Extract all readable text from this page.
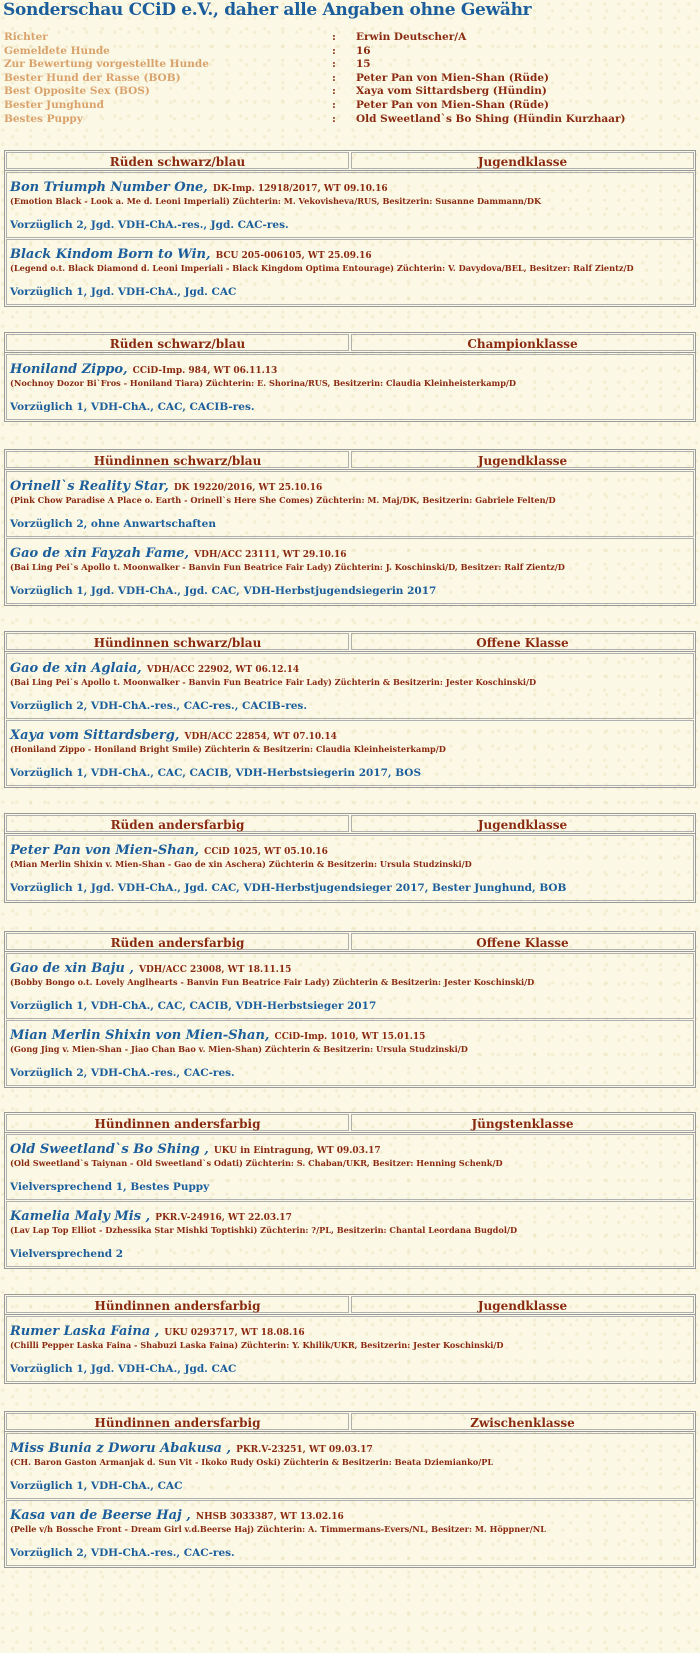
Sonderschau CCiD e.V., daher alle Angaben ohne Gewähr
Richter	:	Erwin Deutscher/A
Gemeldete Hunde	:	16
Zur Bewertung vorgestellte Hunde	:	15
Bester Hund der Rasse (BOB)	:	Peter Pan von Mien-Shan (Rüde)
Best Opposite Sex (BOS)	:	Xaya vom Sittardsberg (Hündin)
Bester Junghund	:	Peter Pan von Mien-Shan (Rüde)
Bestes Puppy	:	Old Sweetland`s Bo Shing (Hündin Kurzhaar)
Rüden schwarz/blau	Jugendklasse
Bon Triumph Number One, DK-Imp. 12918/2017, WT 09.10.16
(Emotion Black - Look a. Me d. Leoni Imperiali) Züchterin: M. Vekovisheva/RUS, Besitzerin: Susanne Dammann/DK
Vorzüglich 2, Jgd. VDH-ChA.-res., Jgd. CAC-res.
Black Kindom Born to Win, BCU 205-006105, WT 25.09.16
(Legend o.t. Black Diamond d. Leoni Imperiali - Black Kingdom Optima Entourage) Züchterin: V. Davydova/BEL, Besitzer: Ralf Zientz/D
Vorzüglich 1, Jgd. VDH-ChA., Jgd. CAC
Rüden schwarz/blau	Championklasse
Honiland Zippo, CCiD-Imp. 984, WT 06.11.13
(Nochnoy Dozor Bi`Fros - Honiland Tiara) Züchterin: E. Shorina/RUS, Besitzerin: Claudia Kleinheisterkamp/D
Vorzüglich 1, VDH-ChA., CAC, CACIB-res.
Hündinnen schwarz/blau	Jugendklasse
Orinell`s Reality Star, DK 19220/2016, WT 25.10.16
(Pink Chow Paradise A Place o. Earth - Orinell`s Here She Comes) Züchterin: M. Maj/DK, Besitzerin: Gabriele Felten/D
Vorzüglich 2, ohne Anwartschaften
Gao de xin Fayzah Fame, VDH/ACC 23111, WT 29.10.16
(Bai Ling Pei`s Apollo t. Moonwalker - Banvin Fun Beatrice Fair Lady) Züchterin: J. Koschinski/D, Besitzer: Ralf Zientz/D
Vorzüglich 1, Jgd. VDH-ChA., Jgd. CAC, VDH-Herbstjugendsiegerin 2017
Hündinnen schwarz/blau	Offene Klasse
Gao de xin Aglaia, VDH/ACC 22902, WT 06.12.14
(Bai Ling Pei`s Apollo t. Moonwalker - Banvin Fun Beatrice Fair Lady) Züchterin & Besitzerin: Jester Koschinski/D
Vorzüglich 2, VDH-ChA.-res., CAC-res., CACIB-res.
Xaya vom Sittardsberg, VDH/ACC 22854, WT 07.10.14
(Honiland Zippo - Honiland Bright Smile) Züchterin & Besitzerin: Claudia Kleinheisterkamp/D
Vorzüglich 1, VDH-ChA., CAC, CACIB, VDH-Herbstsiegerin 2017, BOS
Rüden andersfarbig	Jugendklasse
Peter Pan von Mien-Shan, CCiD 1025, WT 05.10.16
(Mian Merlin Shixin v. Mien-Shan - Gao de xin Aschera) Züchterin & Besitzerin: Ursula Studzinski/D
Vorzüglich 1, Jgd. VDH-ChA., Jgd. CAC, VDH-Herbstjugendsieger 2017, Bester Junghund, BOB
Rüden andersfarbig	Offene Klasse
Gao de xin Baju , VDH/ACC 23008, WT 18.11.15
(Bobby Bongo o.t. Lovely Anglhearts - Banvin Fun Beatrice Fair Lady) Züchterin & Besitzerin: Jester Koschinski/D
Vorzüglich 1, VDH-ChA., CAC, CACIB, VDH-Herbstsieger 2017
Mian Merlin Shixin von Mien-Shan, CCiD-Imp. 1010, WT 15.01.15
(Gong Jing v. Mien-Shan - Jiao Chan Bao v. Mien-Shan) Züchterin & Besitzerin: Ursula Studzinski/D
Vorzüglich 2, VDH-ChA.-res., CAC-res.
Hündinnen andersfarbig	Jüngstenklasse
Old Sweetland`s Bo Shing , UKU in Eintragung, WT 09.03.17
(Old Sweetland`s Taiynan - Old Sweetland`s Odati) Züchterin: S. Chaban/UKR, Besitzer: Henning Schenk/D
Vielversprechend 1, Bestes Puppy
Kamelia Maly Mis , PKR.V-24916, WT 22.03.17
(Lav Lap Top Elliot - Dzhessika Star Mishki Toptishki) Züchterin: ?/PL, Besitzerin: Chantal Leordana Bugdol/D
Vielversprechend 2
Hündinnen andersfarbig	Jugendklasse
Rumer Laska Faina , UKU 0293717, WT 18.08.16
(Chilli Pepper Laska Faina - Shabuzi Laska Faina) Züchterin: Y. Khilik/UKR, Besitzerin: Jester Koschinski/D
Vorzüglich 1, Jgd. VDH-ChA., Jgd. CAC
Hündinnen andersfarbig	Zwischenklasse
Miss Bunia z Dworu Abakusa , PKR.V-23251, WT 09.03.17
(CH. Baron Gaston Armanjak d. Sun Vit - Ikoko Rudy Oski) Züchterin & Besitzerin: Beata Dziemianko/PL
Vorzüglich 1, VDH-ChA., CAC
Kasa van de Beerse Haj , NHSB 3033387, WT 13.02.16
(Pelle v/h Bossche Front - Dream Girl v.d.Beerse Haj) Züchterin: A. Timmermans-Evers/NL, Besitzer: M. Höppner/NL
Vorzüglich 2, VDH-ChA.-res., CAC-res.
